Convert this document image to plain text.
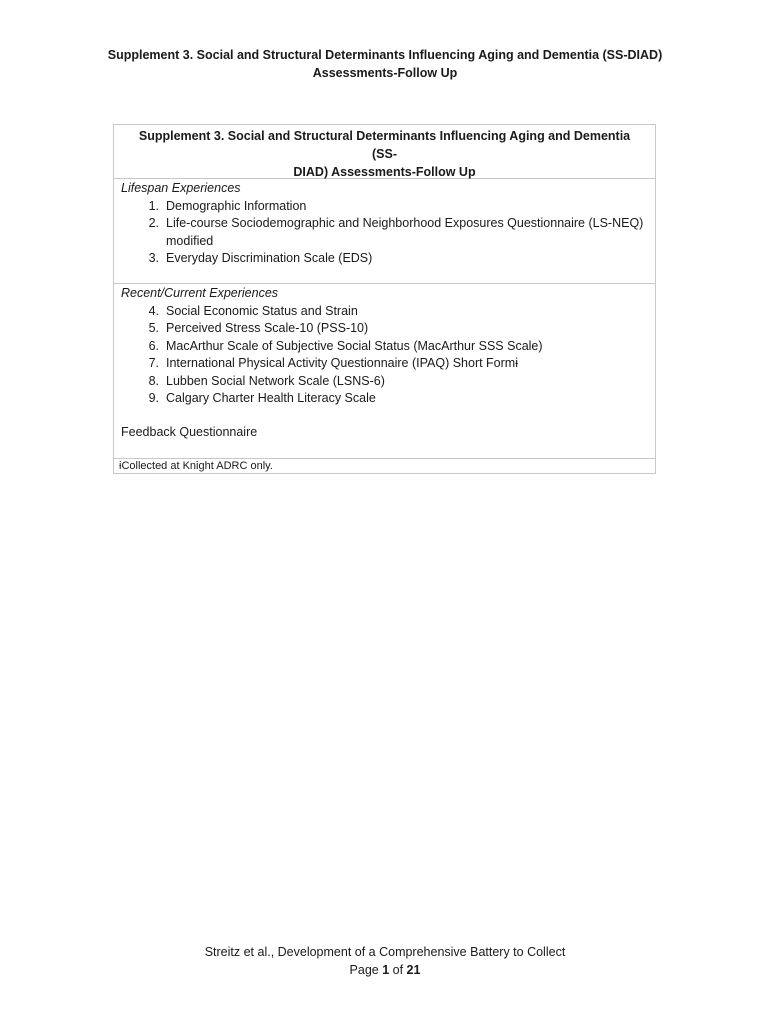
Supplement 3. Social and Structural Determinants Influencing Aging and Dementia (SS-DIAD)
Assessments-Follow Up
Supplement 3. Social and Structural Determinants Influencing Aging and Dementia (SS-
DIAD) Assessments-Follow Up
Lifespan Experiences
1. Demographic Information
2. Life-course Sociodemographic and Neighborhood Exposures Questionnaire (LS-NEQ) modified
3. Everyday Discrimination Scale (EDS)
Recent/Current Experiences
4. Social Economic Status and Strain
5. Perceived Stress Scale-10 (PSS-10)
6. MacArthur Scale of Subjective Social Status (MacArthur SSS Scale)
7. International Physical Activity Questionnaire (IPAQ) Short Formɨ
8. Lubben Social Network Scale (LSNS-6)
9. Calgary Charter Health Literacy Scale
Feedback Questionnaire
ɨCollected at Knight ADRC only.
Streitz et al., Development of a Comprehensive Battery to Collect
Page 1 of 21
